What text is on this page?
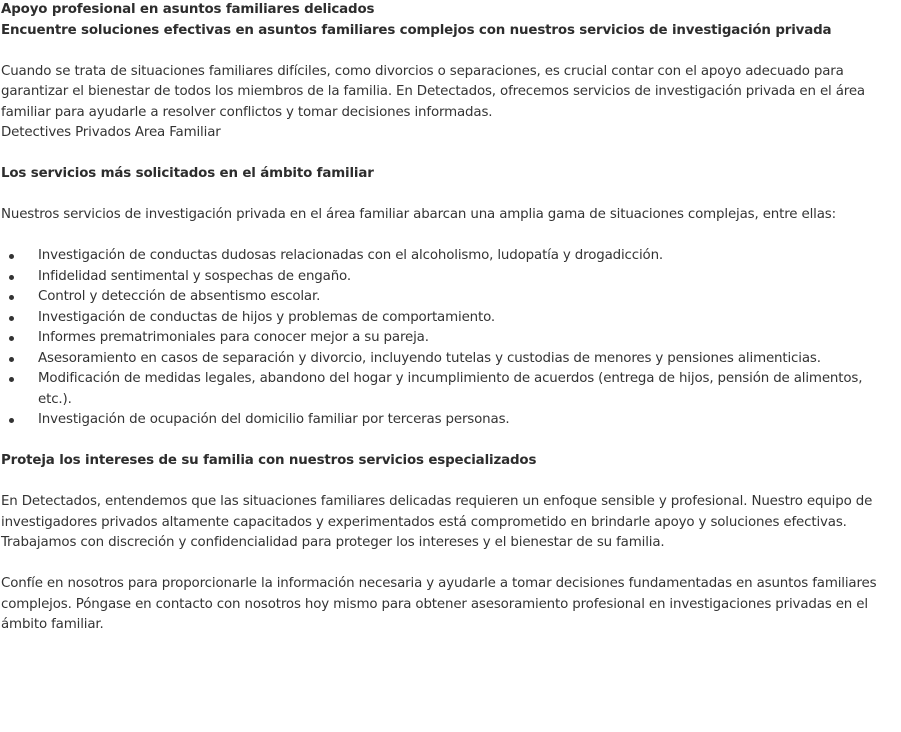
Apoyo profesional en asuntos familiares delicados
Encuentre soluciones efectivas en asuntos familiares complejos con nuestros servicios de investigación privada

Cuando se trata de situaciones familiares difíciles, como divorcios o separaciones, es crucial contar con el apoyo adecuado para garantizar el bienestar de todos los miembros de la familia. En Detectados, ofrecemos servicios de investigación privada en el área familiar para ayudarle a resolver conflictos y tomar decisiones informadas.

Detectives Privados Area Familiar

Los servicios más solicitados en el ámbito familiar

Nuestros servicios de investigación privada en el área familiar abarcan una amplia gama de situaciones complejas, entre ellas:

Investigación de conductas dudosas relacionadas con el alcoholismo, ludopatía y drogadicción.
Infidelidad sentimental y sospechas de engaño.
Control y detección de absentismo escolar.
Investigación de conductas de hijos y problemas de comportamiento.
Informes prematrimoniales para conocer mejor a su pareja.
Asesoramiento en casos de separación y divorcio, incluyendo tutelas y custodias de menores y pensiones alimenticias.
Modificación de medidas legales, abandono del hogar y incumplimiento de acuerdos (entrega de hijos, pensión de alimentos, etc.).
Investigación de ocupación del domicilio familiar por terceras personas.
Proteja los intereses de su familia con nuestros servicios especializados

En Detectados, entendemos que las situaciones familiares delicadas requieren un enfoque sensible y profesional. Nuestro equipo de investigadores privados altamente capacitados y experimentados está comprometido en brindarle apoyo y soluciones efectivas. Trabajamos con discreción y confidencialidad para proteger los intereses y el bienestar de su familia.

Confíe en nosotros para proporcionarle la información necesaria y ayudarle a tomar decisiones fundamentadas en asuntos familiares complejos. Póngase en contacto con nosotros hoy mismo para obtener asesoramiento profesional en investigaciones privadas en el ámbito familiar.
